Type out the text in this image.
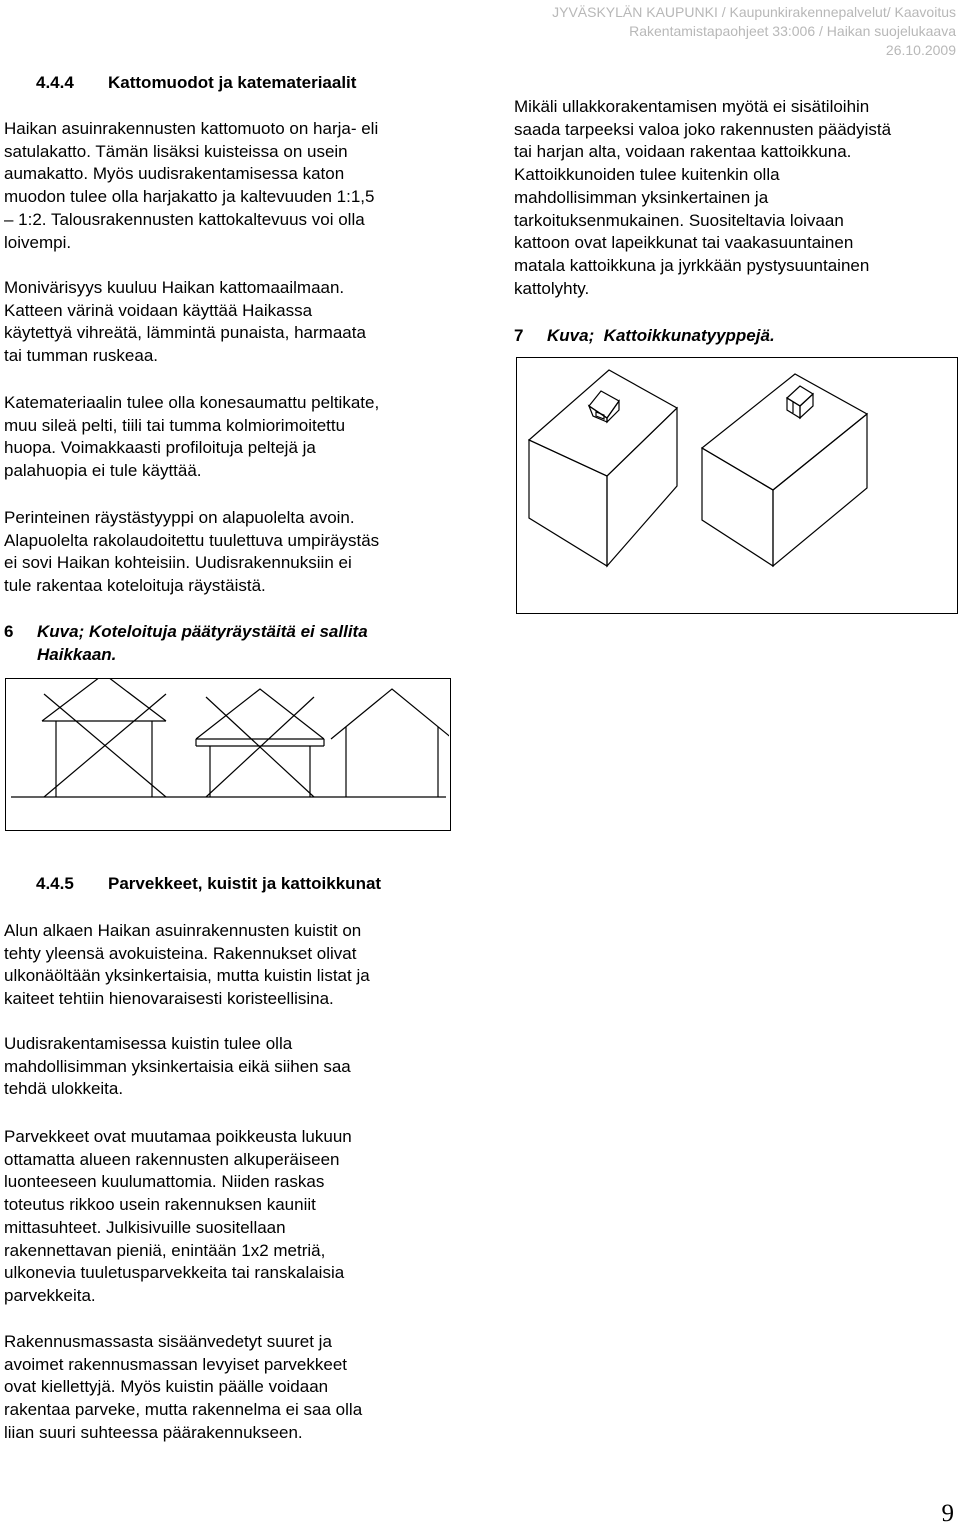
JYVÄSKYLÄN KAUPUNKI / Kaupunkirakennepalvelut/ Kaavoitus
Rakentamistapaohjeet 33:006 / Haikan suojelukaava
26.10.2009
4.4.4 Kattomuodot ja katemateriaalit
Haikan asuinrakennusten kattomuoto on harja- eli
satulakatto. Tämän lisäksi kuisteissa on usein
aumakatto. Myös uudisrakentamisessa katon
muodon tulee olla harjakatto ja kaltevuuden 1:1,5
– 1:2. Talousrakennusten kattokaltevuus voi olla
loivempi.
Monivärisyys kuuluu Haikan kattomaailmaan.
Katteen värinä voidaan käyttää Haikassa
käytettyä vihreätä, lämmintä punaista, harmaata
tai tumman ruskeaa.
Katemateriaalin tulee olla konesaumattu peltikate,
muu sileä pelti, tiili tai tumma kolmiorimoitettu
huopa. Voimakkaasti profiloituja peltejä ja
palahuopia ei tule käyttää.
Perinteinen räystästyyppi on alapuolelta avoin.
Alapuolelta rakolaudoitettu tuulettuva umpiräystäs
ei sovi Haikan kohteisiin. Uudisrakennuksiin ei
tule rakentaa koteloituja räystäistä.
6 Kuva; Koteloituja päätyräystäitä ei sallita
Haikkaan.
Mikäli ullakkorakentamisen myötä ei sisätiloihin
saada tarpeeksi valoa joko rakennusten päädyistä
tai harjan alta, voidaan rakentaa kattoikkuna.
Kattoikkunoiden tulee kuitenkin olla
mahdollisimman yksinkertainen ja
tarkoituksenmukainen. Suositeltavia loivaan
kattoon ovat lapeikkunat tai vaakasuuntainen
matala kattoikkuna ja jyrkkään pystysuuntainen
kattolyhty.
7 Kuva;  Kattoikkunatyyppejä.
4.4.5 Parvekkeet, kuistit ja kattoikkunat
Alun alkaen Haikan asuinrakennusten kuistit on
tehty yleensä avokuisteina. Rakennukset olivat
ulkonäöltään yksinkertaisia, mutta kuistin listat ja
kaiteet tehtiin hienovaraisesti koristeellisina.
Uudisrakentamisessa kuistin tulee olla
mahdollisimman yksinkertaisia eikä siihen saa
tehdä ulokkeita.
Parvekkeet ovat muutamaa poikkeusta lukuun
ottamatta alueen rakennusten alkuperäiseen
luonteeseen kuulumattomia. Niiden raskas
toteutus rikkoo usein rakennuksen kauniit
mittasuhteet. Julkisivuille suositellaan
rakennettavan pieniä, enintään 1x2 metriä,
ulkonevia tuuletusparvekkeita tai ranskalaisia
parvekkeita.
Rakennusmassasta sisäänvedetyt suuret ja
avoimet rakennusmassan levyiset parvekkeet
ovat kiellettyjä. Myös kuistin päälle voidaan
rakentaa parveke, mutta rakennelma ei saa olla
liian suuri suhteessa päärakennukseen.
9
